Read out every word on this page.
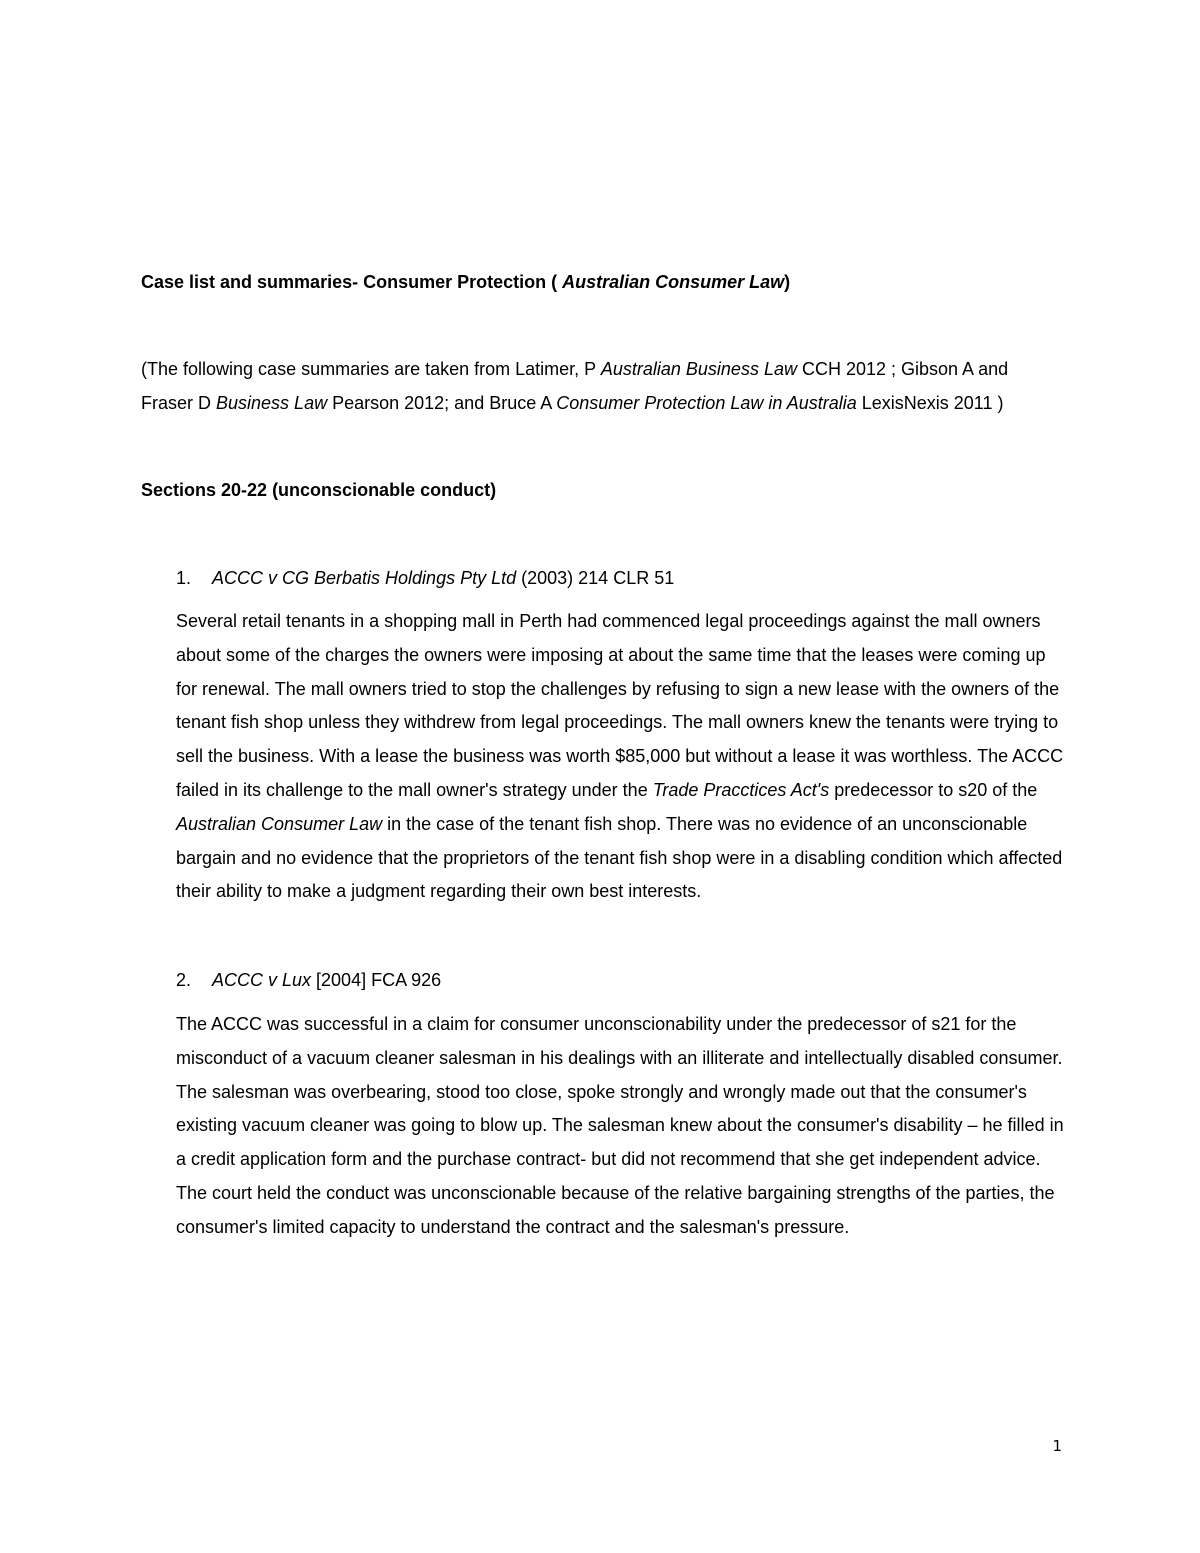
Case list and summaries- Consumer Protection ( Australian Consumer Law)
(The following case summaries are taken from Latimer, P Australian Business Law CCH 2012 ; Gibson A and Fraser D Business Law Pearson 2012; and Bruce A Consumer Protection Law in Australia LexisNexis 2011 )
Sections 20-22 (unconscionable conduct)
1. ACCC v CG Berbatis Holdings Pty Ltd (2003) 214 CLR 51
Several retail tenants in a shopping mall in Perth had commenced legal proceedings against the mall owners about some of the charges the owners were imposing at about the same time that the leases were coming up for renewal. The mall owners tried to stop the challenges by refusing to sign a new lease with the owners of the tenant fish shop unless they withdrew from legal proceedings. The mall owners knew the tenants were trying to sell the business. With a lease the business was worth $85,000 but without a lease it was worthless. The ACCC failed in its challenge to the mall owner's strategy under the Trade Pracctices Act's predecessor to s20 of the Australian Consumer Law in the case of the tenant fish shop. There was no evidence of an unconscionable bargain and no evidence that the proprietors of the tenant fish shop were in a disabling condition which affected their ability to make a judgment regarding their own best interests.
2. ACCC v Lux [2004] FCA 926
The ACCC was successful in a claim for consumer unconscionability under the predecessor of s21 for the misconduct of a vacuum cleaner salesman in his dealings with an illiterate and intellectually disabled consumer. The salesman was overbearing, stood too close, spoke strongly and wrongly made out that the consumer's existing vacuum cleaner was going to blow up. The salesman knew about the consumer's disability – he filled in a credit application form and the purchase contract- but did not recommend that she get independent advice. The court held the conduct was unconscionable because of the relative bargaining strengths of the parties, the consumer's limited capacity to understand the contract and the salesman's pressure.
1
